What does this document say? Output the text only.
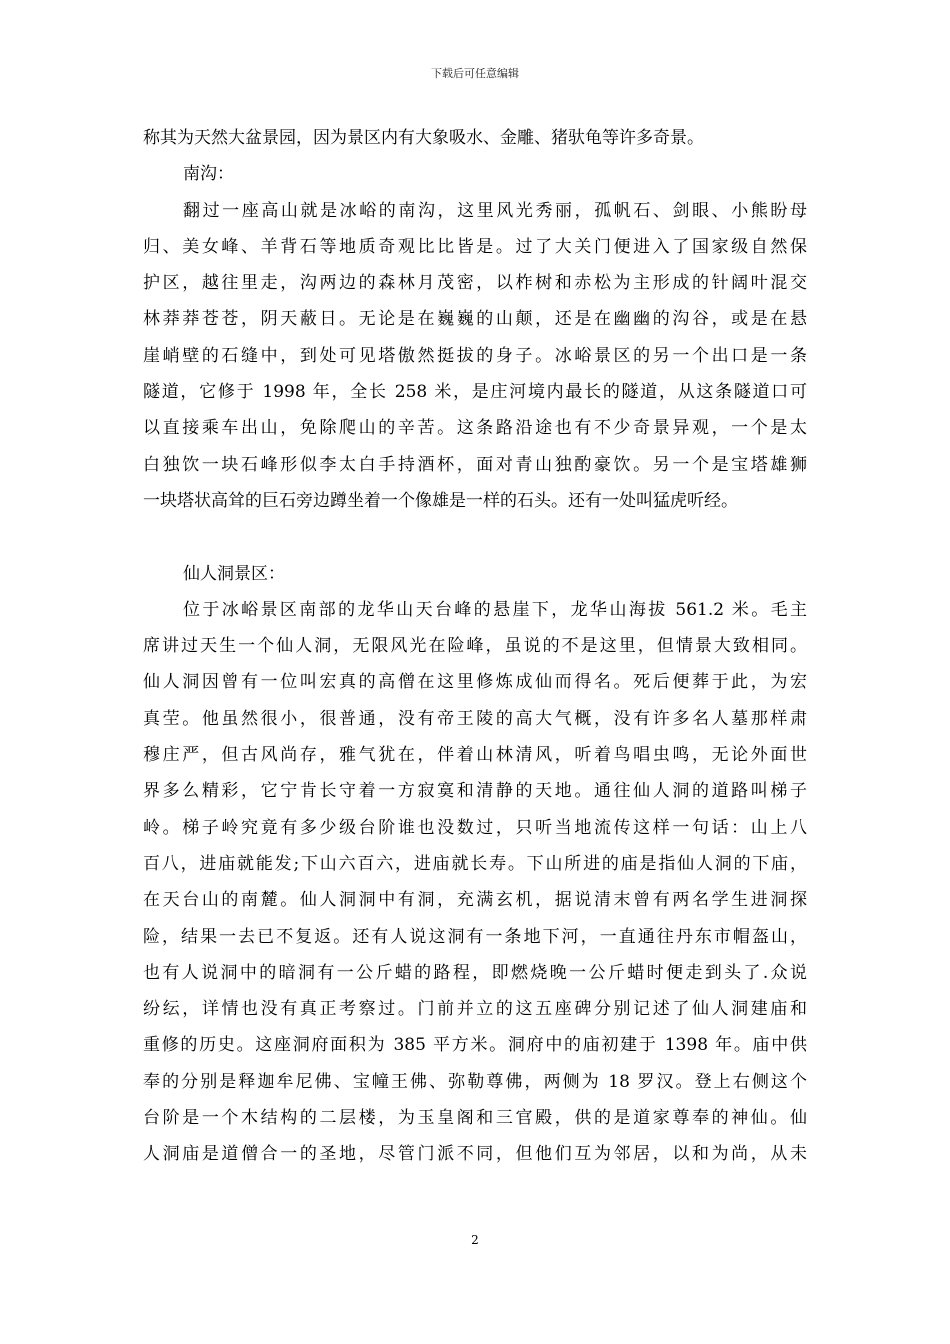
下载后可任意编辑
称其为天然大盆景园，因为景区内有大象吸水、金雕、猪驮龟等许多奇景。
南沟：
翻过一座高山就是冰峪的南沟，这里风光秀丽，孤帆石、剑眼、小熊盼母
归、美女峰、羊背石等地质奇观比比皆是。过了大关门便进入了国家级自然保
护区，越往里走，沟两边的森林月茂密，以柞树和赤松为主形成的针阔叶混交
林莽莽苍苍，阴天蔽日。无论是在巍巍的山颠，还是在幽幽的沟谷，或是在悬
崖峭壁的石缝中，到处可见塔傲然挺拔的身子。冰峪景区的另一个出口是一条
隧道，它修于 1998 年，全长 258 米，是庄河境内最长的隧道，从这条隧道口可
以直接乘车出山，免除爬山的辛苦。这条路沿途也有不少奇景异观，一个是太
白独饮一块石峰形似李太白手持酒杯，面对青山独酌豪饮。另一个是宝塔雄狮
一块塔状高耸的巨石旁边蹲坐着一个像雄是一样的石头。还有一处叫猛虎听经。
仙人洞景区：
位于冰峪景区南部的龙华山天台峰的悬崖下，龙华山海拔 561.2 米。毛主
席讲过天生一个仙人洞，无限风光在险峰，虽说的不是这里，但情景大致相同。
仙人洞因曾有一位叫宏真的高僧在这里修炼成仙而得名。死后便葬于此，为宏
真茔。他虽然很小，很普通，没有帝王陵的高大气概，没有许多名人墓那样肃
穆庄严，但古风尚存，雅气犹在，伴着山林清风，听着鸟唱虫鸣，无论外面世
界多么精彩，它宁肯长守着一方寂寞和清静的天地。通往仙人洞的道路叫梯子
岭。梯子岭究竟有多少级台阶谁也没数过，只听当地流传这样一句话：山上八
百八，进庙就能发;下山六百六，进庙就长寿。下山所进的庙是指仙人洞的下庙，
在天台山的南麓。仙人洞洞中有洞，充满玄机，据说清末曾有两名学生进洞探
险，结果一去已不复返。还有人说这洞有一条地下河，一直通往丹东市帽盔山，
也有人说洞中的暗洞有一公斤蜡的路程，即燃烧晚一公斤蜡时便走到头了.众说
纷纭，详情也没有真正考察过。门前并立的这五座碑分别记述了仙人洞建庙和
重修的历史。这座洞府面积为 385 平方米。洞府中的庙初建于 1398 年。庙中供
奉的分别是释迦牟尼佛、宝幢王佛、弥勒尊佛，两侧为 18 罗汉。登上右侧这个
台阶是一个木结构的二层楼，为玉皇阁和三官殿，供的是道家尊奉的神仙。仙
人洞庙是道僧合一的圣地，尽管门派不同，但他们互为邻居，以和为尚，从未
2
